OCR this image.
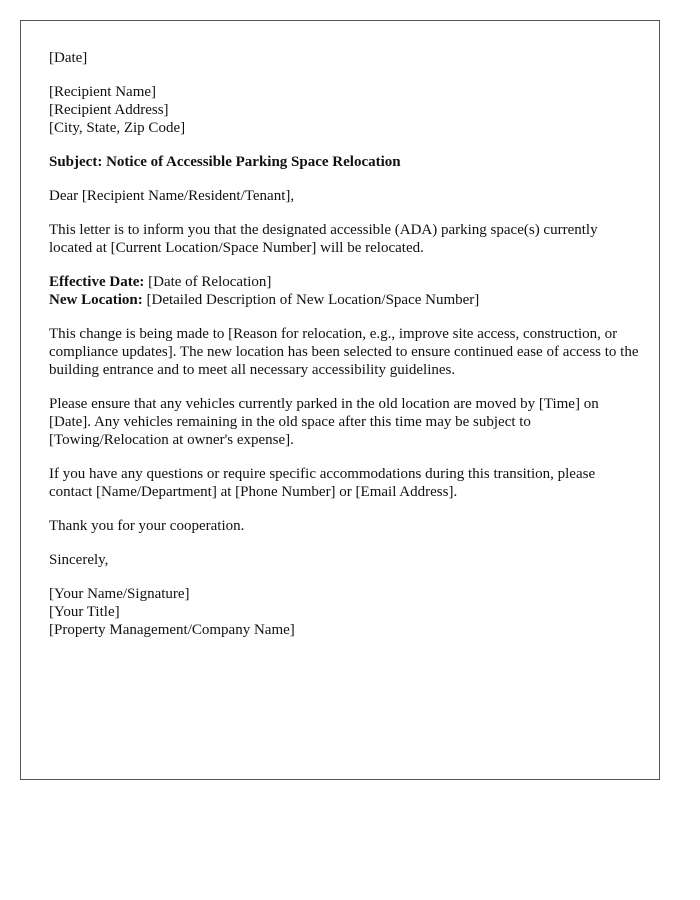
[Date]

[Recipient Name]
[Recipient Address]
[City, State, Zip Code]

Subject: Notice of Accessible Parking Space Relocation

Dear [Recipient Name/Resident/Tenant],

This letter is to inform you that the designated accessible (ADA) parking space(s) currently located at [Current Location/Space Number] will be relocated.

Effective Date: [Date of Relocation]
New Location: [Detailed Description of New Location/Space Number]

This change is being made to [Reason for relocation, e.g., improve site access, construction, or compliance updates]. The new location has been selected to ensure continued ease of access to the building entrance and to meet all necessary accessibility guidelines.

Please ensure that any vehicles currently parked in the old location are moved by [Time] on [Date]. Any vehicles remaining in the old space after this time may be subject to [Towing/Relocation at owner's expense].

If you have any questions or require specific accommodations during this transition, please contact [Name/Department] at [Phone Number] or [Email Address].

Thank you for your cooperation.

Sincerely,

[Your Name/Signature]
[Your Title]
[Property Management/Company Name]
